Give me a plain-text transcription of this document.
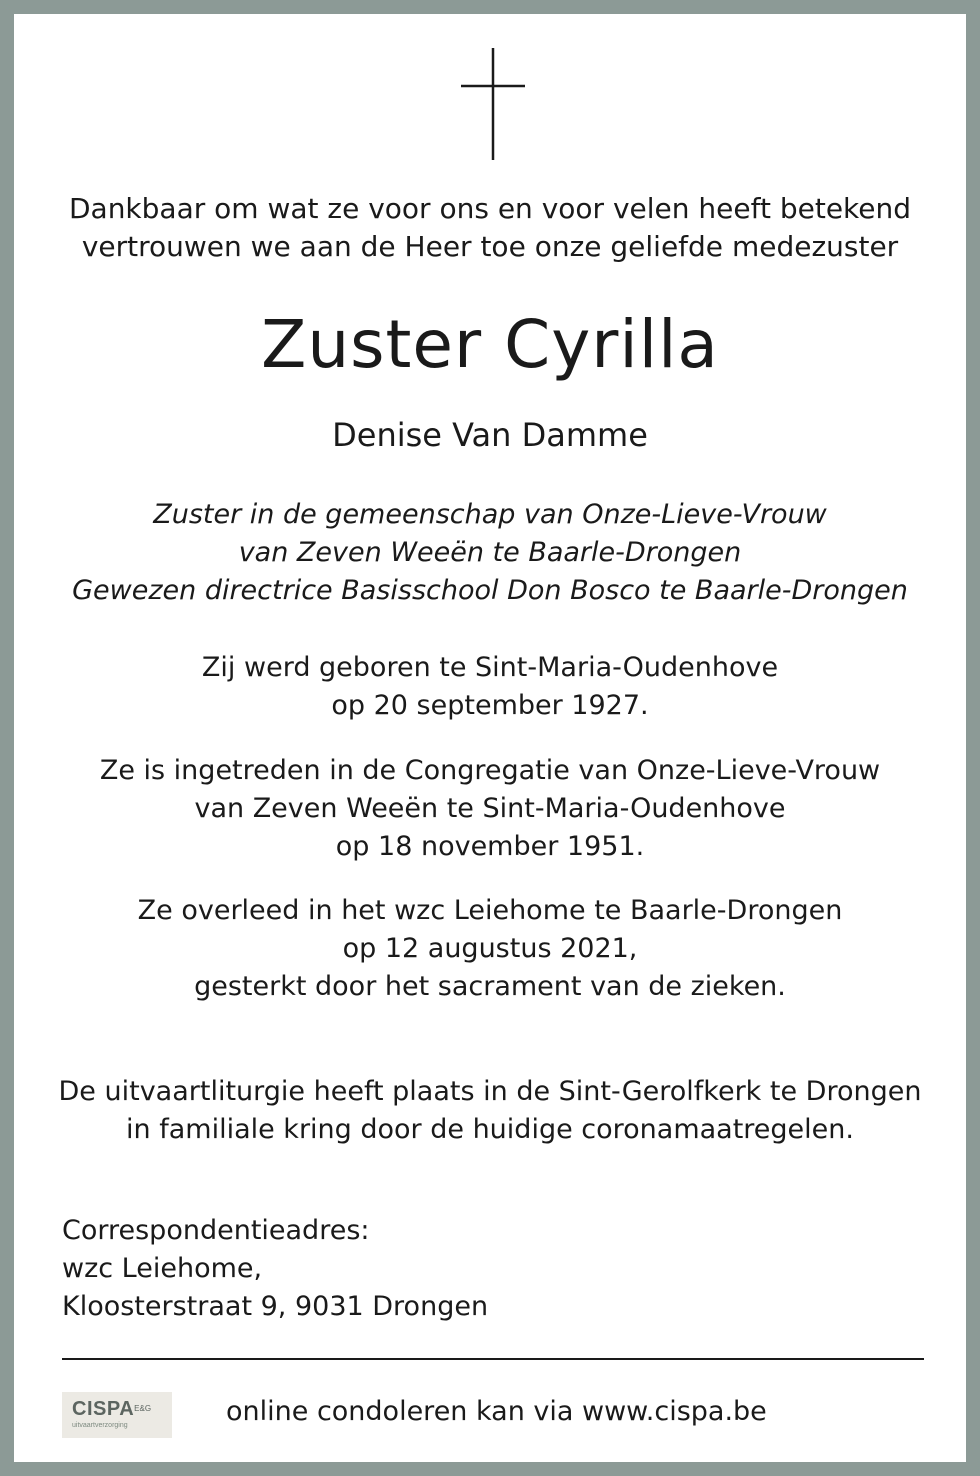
Dankbaar om wat ze voor ons en voor velen heeft betekend
vertrouwen we aan de Heer toe onze geliefde medezuster
Zuster Cyrilla
Denise Van Damme
Zuster in de gemeenschap van Onze-Lieve-Vrouw
van Zeven Weeën te Baarle-Drongen
Gewezen directrice Basisschool Don Bosco te Baarle-Drongen
Zij werd geboren te Sint-Maria-Oudenhove
op 20 september 1927.
Ze is ingetreden in de Congregatie van Onze-Lieve-Vrouw
van Zeven Weeën te Sint-Maria-Oudenhove
op 18 november 1951.
Ze overleed in het wzc Leiehome te Baarle-Drongen
op 12 augustus 2021,
gesterkt door het sacrament van de zieken.
De uitvaartliturgie heeft plaats in de Sint-Gerolfkerk te Drongen
in familiale kring door de huidige coronamaatregelen.
Correspondentieadres:
wzc Leiehome,
Kloosterstraat 9, 9031 Drongen
$CISPA^{E\&G}$
uitvaartverzorging	online condoleren kan via www.cispa.be
